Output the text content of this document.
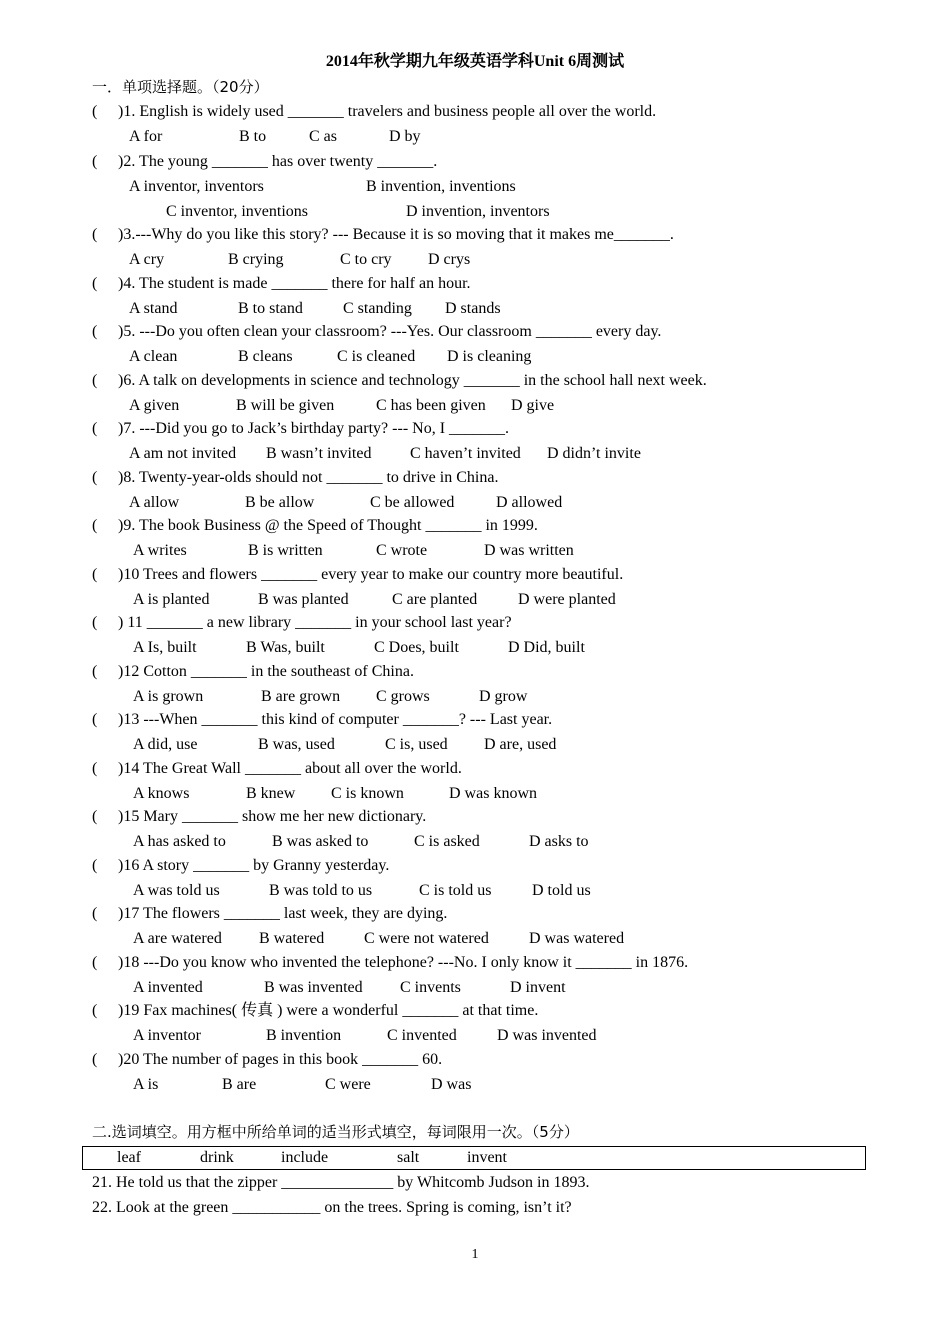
2014年秋学期九年级英语学科Unit 6周测试
一．单项选择题。（20分）
( )1. English is widely used _______ travelers and business people all over the world.
A for	B to	C as	D by
( )2. The young _______ has over twenty _______.
A inventor, inventors	B invention, inventions
C inventor, inventions	D invention, inventors
( )3.---Why do you like this story? --- Because it is so moving that it makes me_______.
A cry	B crying	C to cry D crys
( )4. The student is made _______ there for half an hour.
A stand	B to stand	C standing D stands
( )5. ---Do you often clean your classroom? ---Yes. Our classroom _______ every day.
A clean	B cleans	C is cleaned D is cleaning
( )6. A talk on developments in science and technology _______ in the school hall next week.
A given	B will be given	C has been given D give
( )7. ---Did you go to Jack’s birthday party? --- No, I _______.
A am not invited B wasn’t invited C haven’t invited D didn’t invite
( )8. Twenty-year-olds should not _______ to drive in China.
A allow	B be allow	C be allowed	D allowed
( )9. The book Business @ the Speed of Thought _______ in 1999.
A writes	B is written	C wrote	D was written
( )10 Trees and flowers _______ every year to make our country more beautiful.
A is planted	B was planted	C are planted	D were planted
( ) 11 _______ a new library _______ in your school last year?
A Is, built	B Was, built	C Does, built	D Did, built
( )12 Cotton _______ in the southeast of China.
A is grown	B are grown C grows	D grow
( )13 ---When _______ this kind of computer _______? --- Last year.
A did, use	B was, used	C is, used D are, used
( )14 The Great Wall _______ about all over the world.
A knows	B knew C is known	D was known
( )15 Mary _______ show me her new dictionary.
A has asked to	B was asked to	C is asked	D asks to
( )16 A story _______ by Granny yesterday.
A was told us	B was told to us	C is told us	D told us
( )17 The flowers _______ last week, they are dying.
A are watered B watered C were not watered	D was watered
( )18 ---Do you know who invented the telephone? ---No. I only know it _______ in 1876.
A invented	B was invented C invents	D invent
( )19 Fax machines( 传真 ) were a wonderful _______ at that time.
A inventor	B invention	C invented	D was invented
( )20 The number of pages in this book _______ 60.
A is	B are	C were	D was
二.选词填空。用方框中所给单词的适当形式填空，每词限用一次。（5分）
leaf	drink	include	salt	invent
21. He told us that the zipper ______________ by Whitcomb Judson in 1893.
22. Look at the green ___________ on the trees. Spring is coming, isn’t it?
1
